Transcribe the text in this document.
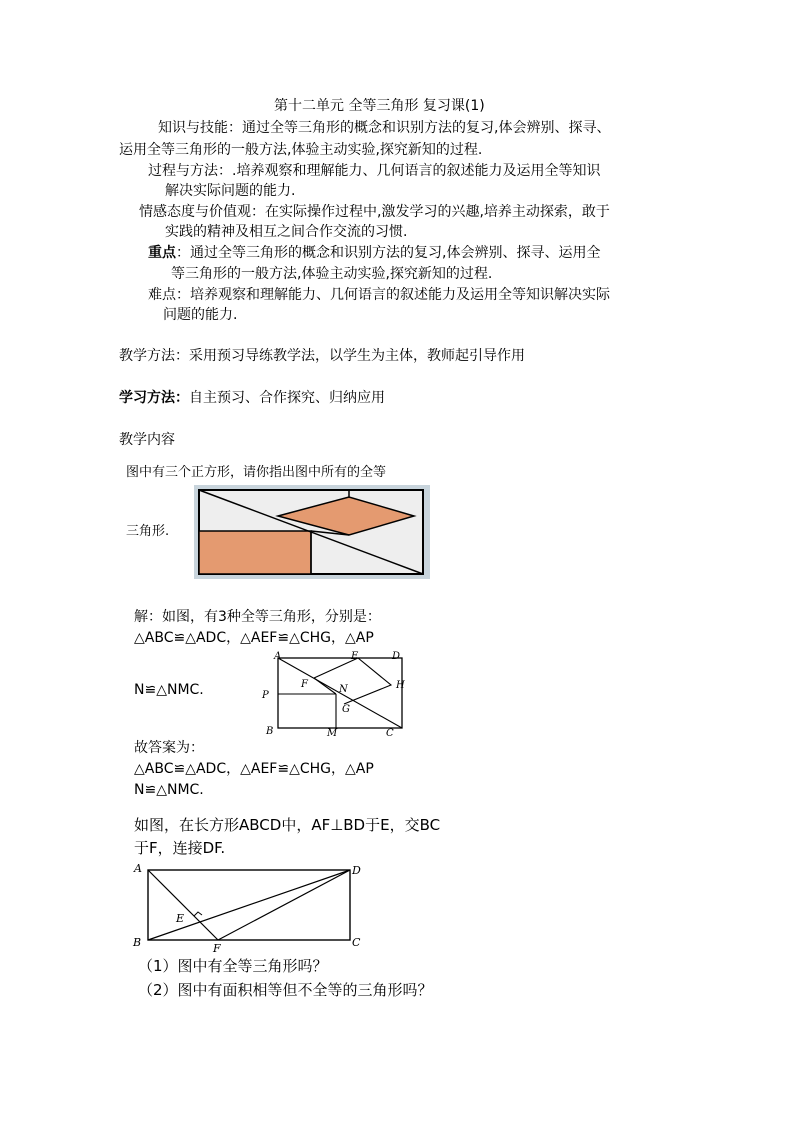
第十二单元 全等三角形 复习课(1)
知识与技能：通过全等三角形的概念和识别方法的复习,体会辨别、探寻、
运用全等三角形的一般方法,体验主动实验,探究新知的过程.
过程与方法：.培养观察和理解能力、几何语言的叙述能力及运用全等知识
解决实际问题的能力.
情感态度与价值观：在实际操作过程中,激发学习的兴趣,培养主动探索，敢于
实践的精神及相互之间合作交流的习惯.
重点：通过全等三角形的概念和识别方法的复习,体会辨别、探寻、运用全
等三角形的一般方法,体验主动实验,探究新知的过程.
难点：培养观察和理解能力、几何语言的叙述能力及运用全等知识解决实际
问题的能力.
教学方法：采用预习导练教学法，以学生为主体，教师起引导作用
学习方法：自主预习、合作探究、归纳应用
教学内容
图中有三个正方形，请你指出图中所有的全等
三角形.
解：如图，有3种全等三角形，分别是：
△ABC≌△ADC，△AEF≌△CHG，△AP
N≌△NMC.
A	E	D
F	N	H
P
G
B	M	C
故答案为：
△ABC≌△ADC，△AEF≌△CHG，△AP
N≌△NMC.
如图，在长方形ABCD中，AF⊥BD于E，交BC
于F，连接DF.
A	D
E
B	F	C
（1）图中有全等三角形吗？
（2）图中有面积相等但不全等的三角形吗？
